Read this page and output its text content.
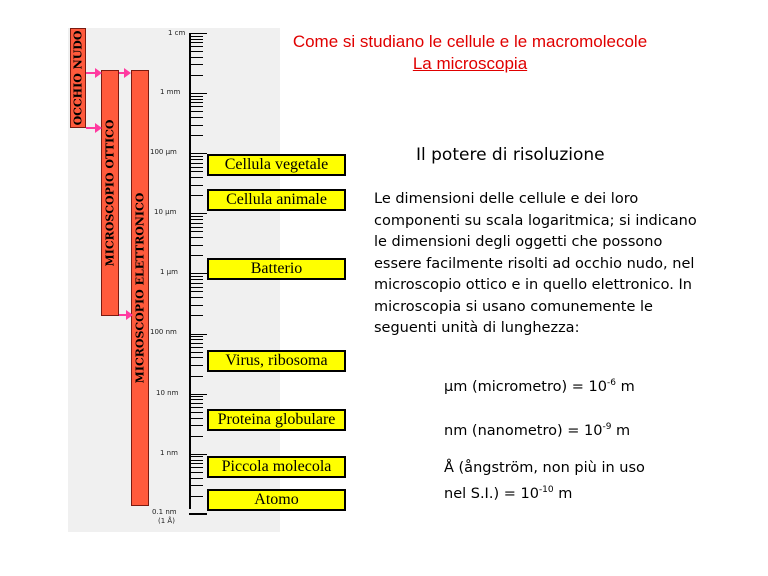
OCCHIO NUDO
MICROSCOPIO OTTICO MICROSCOPIO ELETTRONICO
1 cm
1 mm
100 µm
10 µm
1 µm
100 nm
10 nm
1 nm
0.1 nm
(1 Å)
Cellula vegetale
Cellula animale
Batterio
Virus, ribosoma
Proteina globulare
Piccola molecola
Atomo
Come si studiano le cellule e le macromolecole
La microscopia
Il potere di risoluzione
Le dimensioni delle cellule e dei loro componenti su scala logaritmica; si indicano le dimensioni degli oggetti che possono essere facilmente risolti ad occhio nudo, nel microscopio ottico e in quello elettronico. In microscopia si usano comunemente le seguenti unità di lunghezza:
µm (micrometro) = $10^{-6}$ m
nm (nanometro) = $10^{-9}$ m
Å (ångström, non più in uso
nel $S.I.) = 10^{-10}$ m
